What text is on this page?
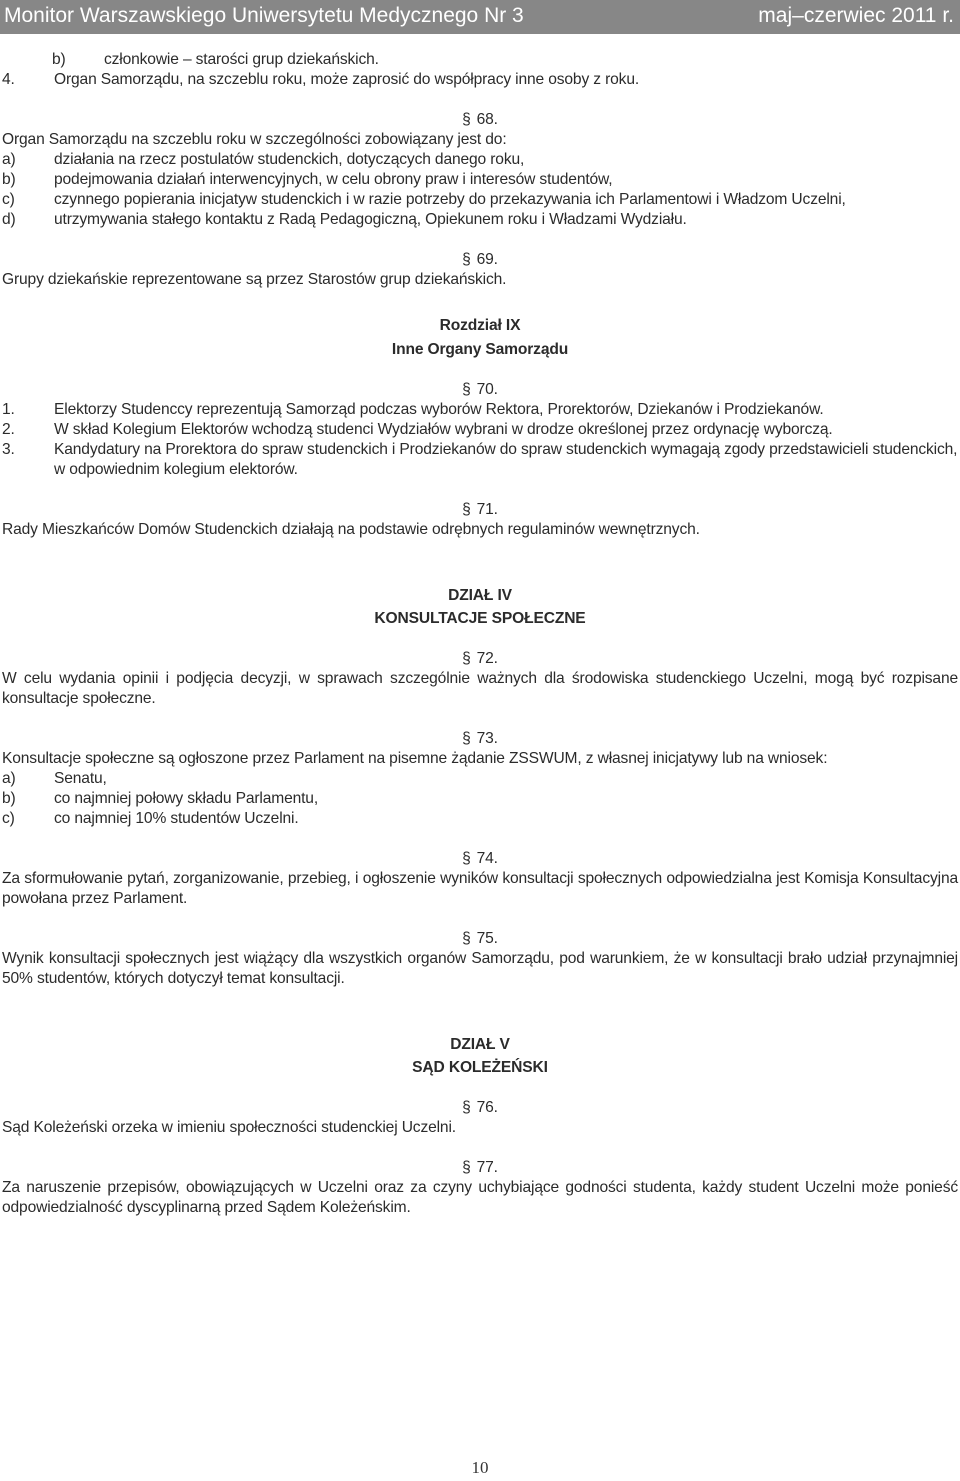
Monitor Warszawskiego Uniwersytetu Medycznego Nr 3	maj–czerwiec 2011 r.
b) członkowie – starości grup dziekańskich.
4.	Organ Samorządu, na szczeblu roku, może zaprosić do współpracy inne osoby z roku.

§ 68.

Organ Samorządu na szczeblu roku w szczególności zobowiązany jest do:

a) działania na rzecz postulatów studenckich, dotyczących danego roku,
b) podejmowania działań interwencyjnych, w celu obrony praw i interesów studentów,
c)	czynnego popierania inicjatyw studenckich i w razie potrzeby do przekazywania ich Parlamentowi i Władzom Uczelni,
d) utrzymywania stałego kontaktu z Radą Pedagogiczną, Opiekunem roku i Władzami Wydziału.

§ 69.

Grupy dziekańskie reprezentowane są przez Starostów grup dziekańskich.

Rozdział IX

Inne Organy Samorządu

§ 70.

1.	Elektorzy Studenccy reprezentują Samorząd podczas wyborów Rektora, Prorektorów, Dziekanów i Prodziekanów.
2.	W skład Kolegium Elektorów wchodzą studenci Wydziałów wybrani w drodze określonej przez ordynację wyborczą.
3.	Kandydatury na Prorektora do spraw studenckich i Prodziekanów do spraw studenckich wymagają zgody przedstawicieli studenckich, w odpowiednim kolegium elektorów.

§ 71.

Rady Mieszkańców Domów Studenckich działają na podstawie odrębnych regulaminów wewnętrznych.

DZIAŁ IV

KONSULTACJE SPOŁECZNE

§ 72.

W celu wydania opinii i podjęcia decyzji, w sprawach szczególnie ważnych dla środowiska studenckiego Uczelni, mogą być rozpisane konsultacje społeczne.

§ 73.

Konsultacje społeczne są ogłoszone przez Parlament na pisemne żądanie ZSSWUM, z własnej inicjatywy lub na wniosek:

a) Senatu,
b) co najmniej połowy składu Parlamentu,
c)	co najmniej 10% studentów Uczelni.

§ 74.

Za sformułowanie pytań, zorganizowanie, przebieg, i ogłoszenie wyników konsultacji społecznych odpowiedzialna jest Komisja Konsultacyjna powołana przez Parlament.

§ 75.

Wynik konsultacji społecznych jest wiążący dla wszystkich organów Samorządu, pod warunkiem, że w konsultacji brało udział przynajmniej 50% studentów, których dotyczył temat konsultacji.

DZIAŁ V

SĄD KOLEŻEŃSKI

§ 76.

Sąd Koleżeński orzeka w imieniu społeczności studenckiej Uczelni.

§ 77.

Za naruszenie przepisów, obowiązujących w Uczelni oraz za czyny uchybiające godności studenta, każdy student Uczelni może ponieść odpowiedzialność dyscyplinarną przed Sądem Koleżeńskim.

10
